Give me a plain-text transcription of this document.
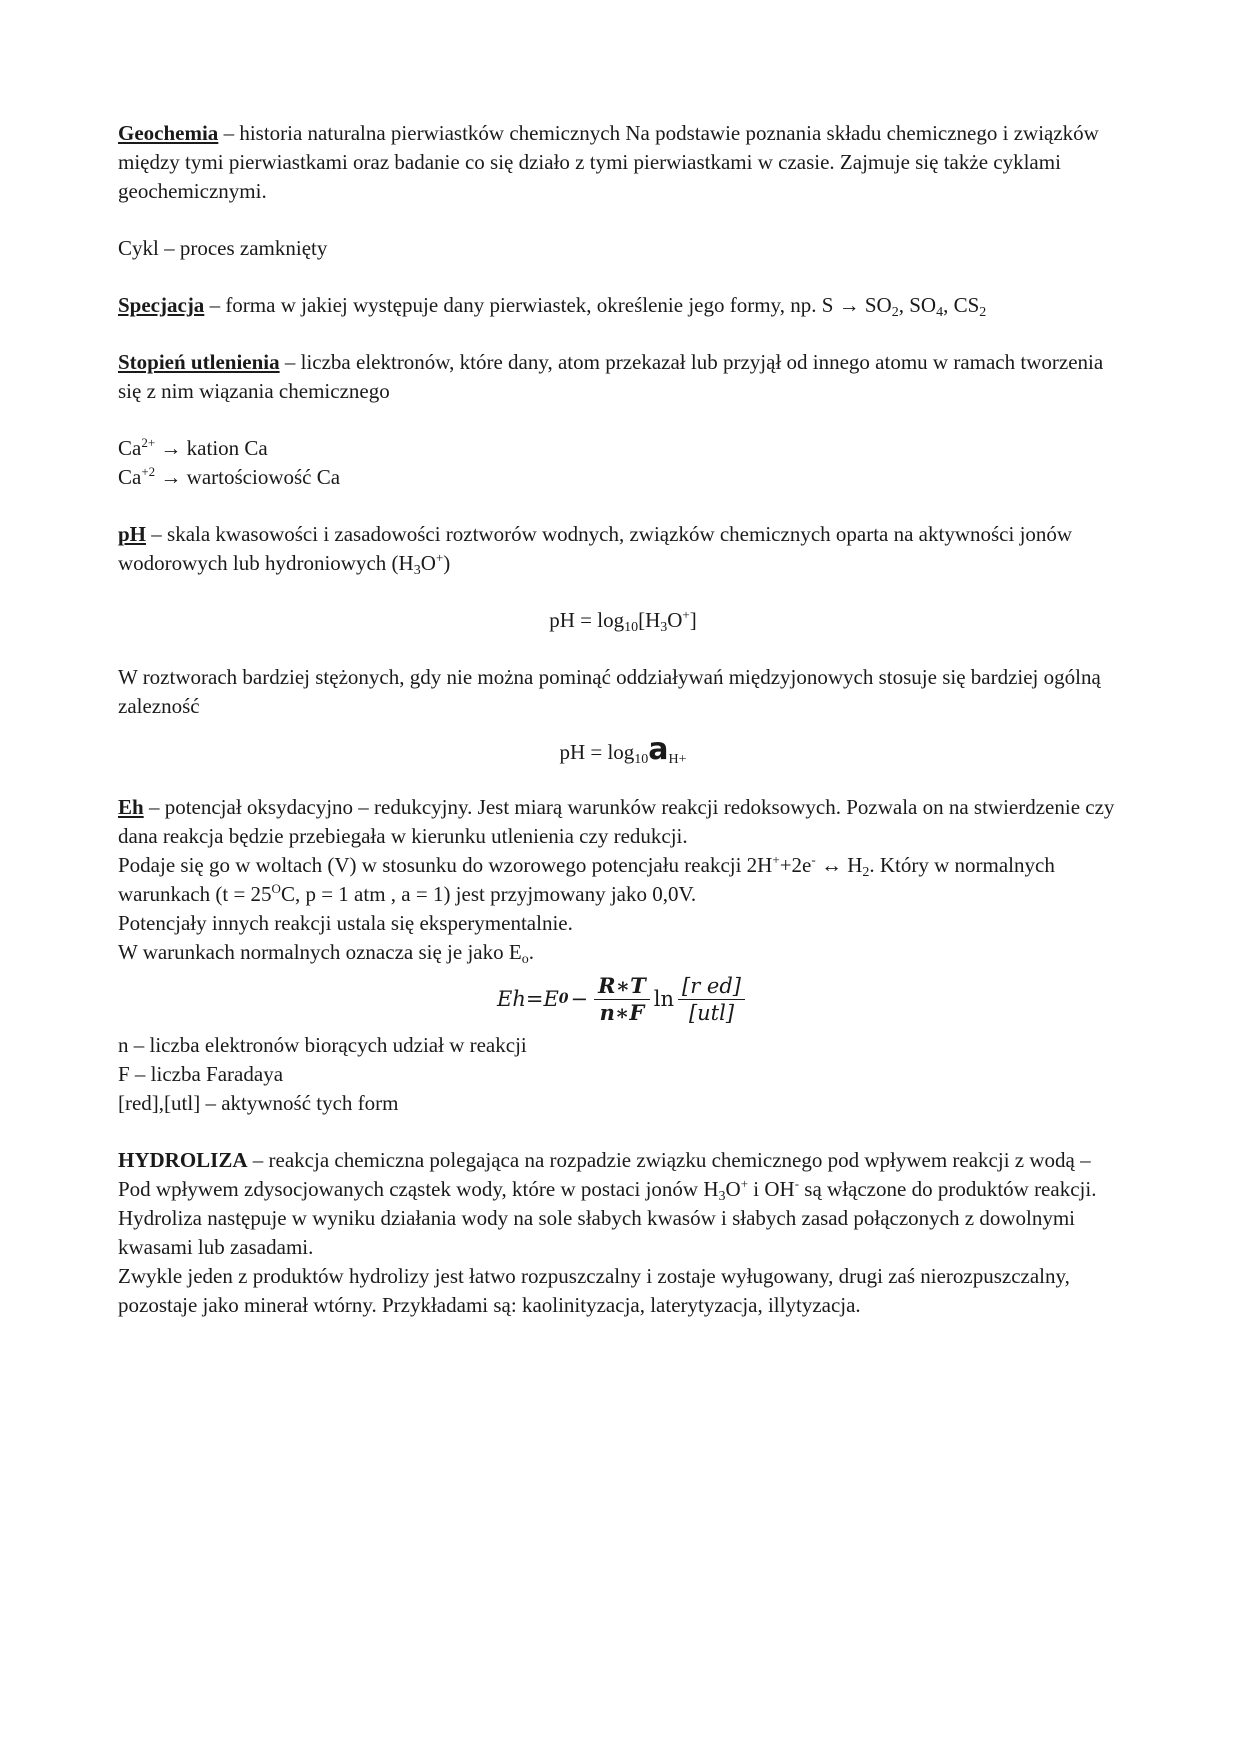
Geochemia – historia naturalna pierwiastków chemicznych Na podstawie poznania składu chemicznego i związków między tymi pierwiastkami oraz badanie co się działo z tymi pierwiastkami w czasie. Zajmuje się także cyklami geochemicznymi.

Cykl – proces zamknięty

Specjacja – forma w jakiej występuje dany pierwiastek, określenie jego formy, np. $S \to SO_2$, $SO_4$, $CS_2$

Stopień utlenienia – liczba elektronów, które dany, atom przekazał lub przyjął od innego atomu w ramach tworzenia się z nim wiązania chemicznego

$Ca^{2+}$ → kation Ca

$Ca^{+2}$ → wartościowość Ca

pH – skala kwasowości i zasadowości roztworów wodnych, związków chemicznych oparta na aktywności jonów wodorowych lub hydroniowych $(H_3O^+)$

pH = $\log_{10}[H_3O^+]$

W roztworach bardziej stężonych, gdy nie można pominąć oddziaływań międzyjonowych stosuje się bardziej ogólną zalezność

pH = $\log_{10}a_{H+}$

Eh – potencjał oksydacyjno – redukcyjny. Jest miarą warunków reakcji redoksowych. Pozwala on na stwierdzenie czy dana reakcja będzie przebiegała w kierunku utlenienia czy redukcji.

Podaje się go w woltach (V) w stosunku do wzorowego potencjału reakcji 2H++2e- ↔ $H_2$. Który w normalnych warunkach ($t = 25^OC$, p = 1 atm , a = 1) jest przyjmowany jako 0,0V.

Potencjały innych reakcji ustala się eksperymentalnie.

W warunkach normalnych oznacza się je jako $E_o$.

Eh=E $0 - \frac{R∗T}{n∗F}$ $\ln \frac{\text{[r ed]}}{\text{[utl]}}$

n – liczba elektronów biorących udział w reakcji

F – liczba Faradaya

[red],[utl] – aktywność tych form

HYDROLIZA – reakcja chemiczna polegająca na rozpadzie związku chemicznego pod wpływem reakcji z wodą – Pod wpływem zdysocjowanych cząstek wody, które w postaci jonów $H_3O^+$ i OH- są włączone do produktów reakcji.

Hydroliza następuje w wyniku działania wody na sole słabych kwasów i słabych zasad połączonych z dowolnymi kwasami lub zasadami.

Zwykle jeden z produktów hydrolizy jest łatwo rozpuszczalny i zostaje wyługowany, drugi zaś nierozpuszczalny, pozostaje jako minerał wtórny. Przykładami są: kaolinityzacja, laterytyzacja, illytyzacja.
